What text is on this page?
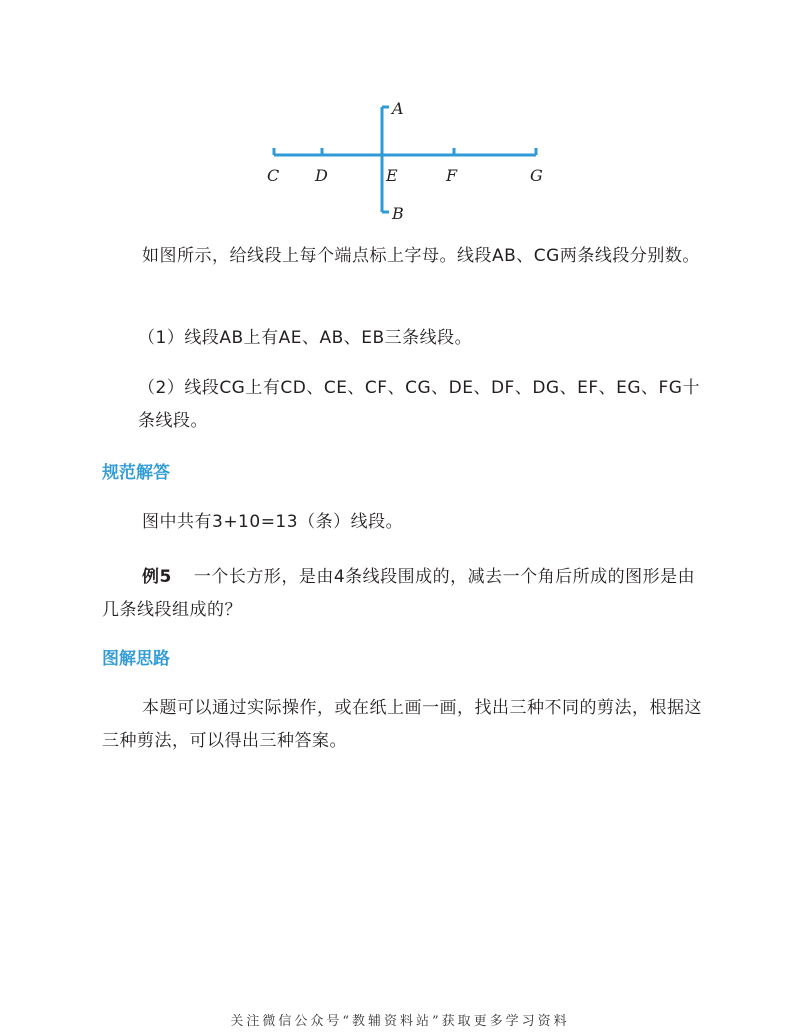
A
B
C D	E	F	G

如图所示，给线段上每个端点标上字母。线段AB、CG两条线段分别数。

（1）线段AB上有AE、AB、EB三条线段。

（2）线段CG上有CD、CE、CF、CG、DE、DF、DG、EF、EG、FG十条线段。

规范解答

图中共有3+10=13（条）线段。

例5 一个长方形，是由4条线段围成的，减去一个角后所成的图形是由几条线段组成的？

图解思路

本题可以通过实际操作，或在纸上画一画，找出三种不同的剪法，根据这三种剪法，可以得出三种答案。

关注微信公众号“教辅资料站”获取更多学习资料
